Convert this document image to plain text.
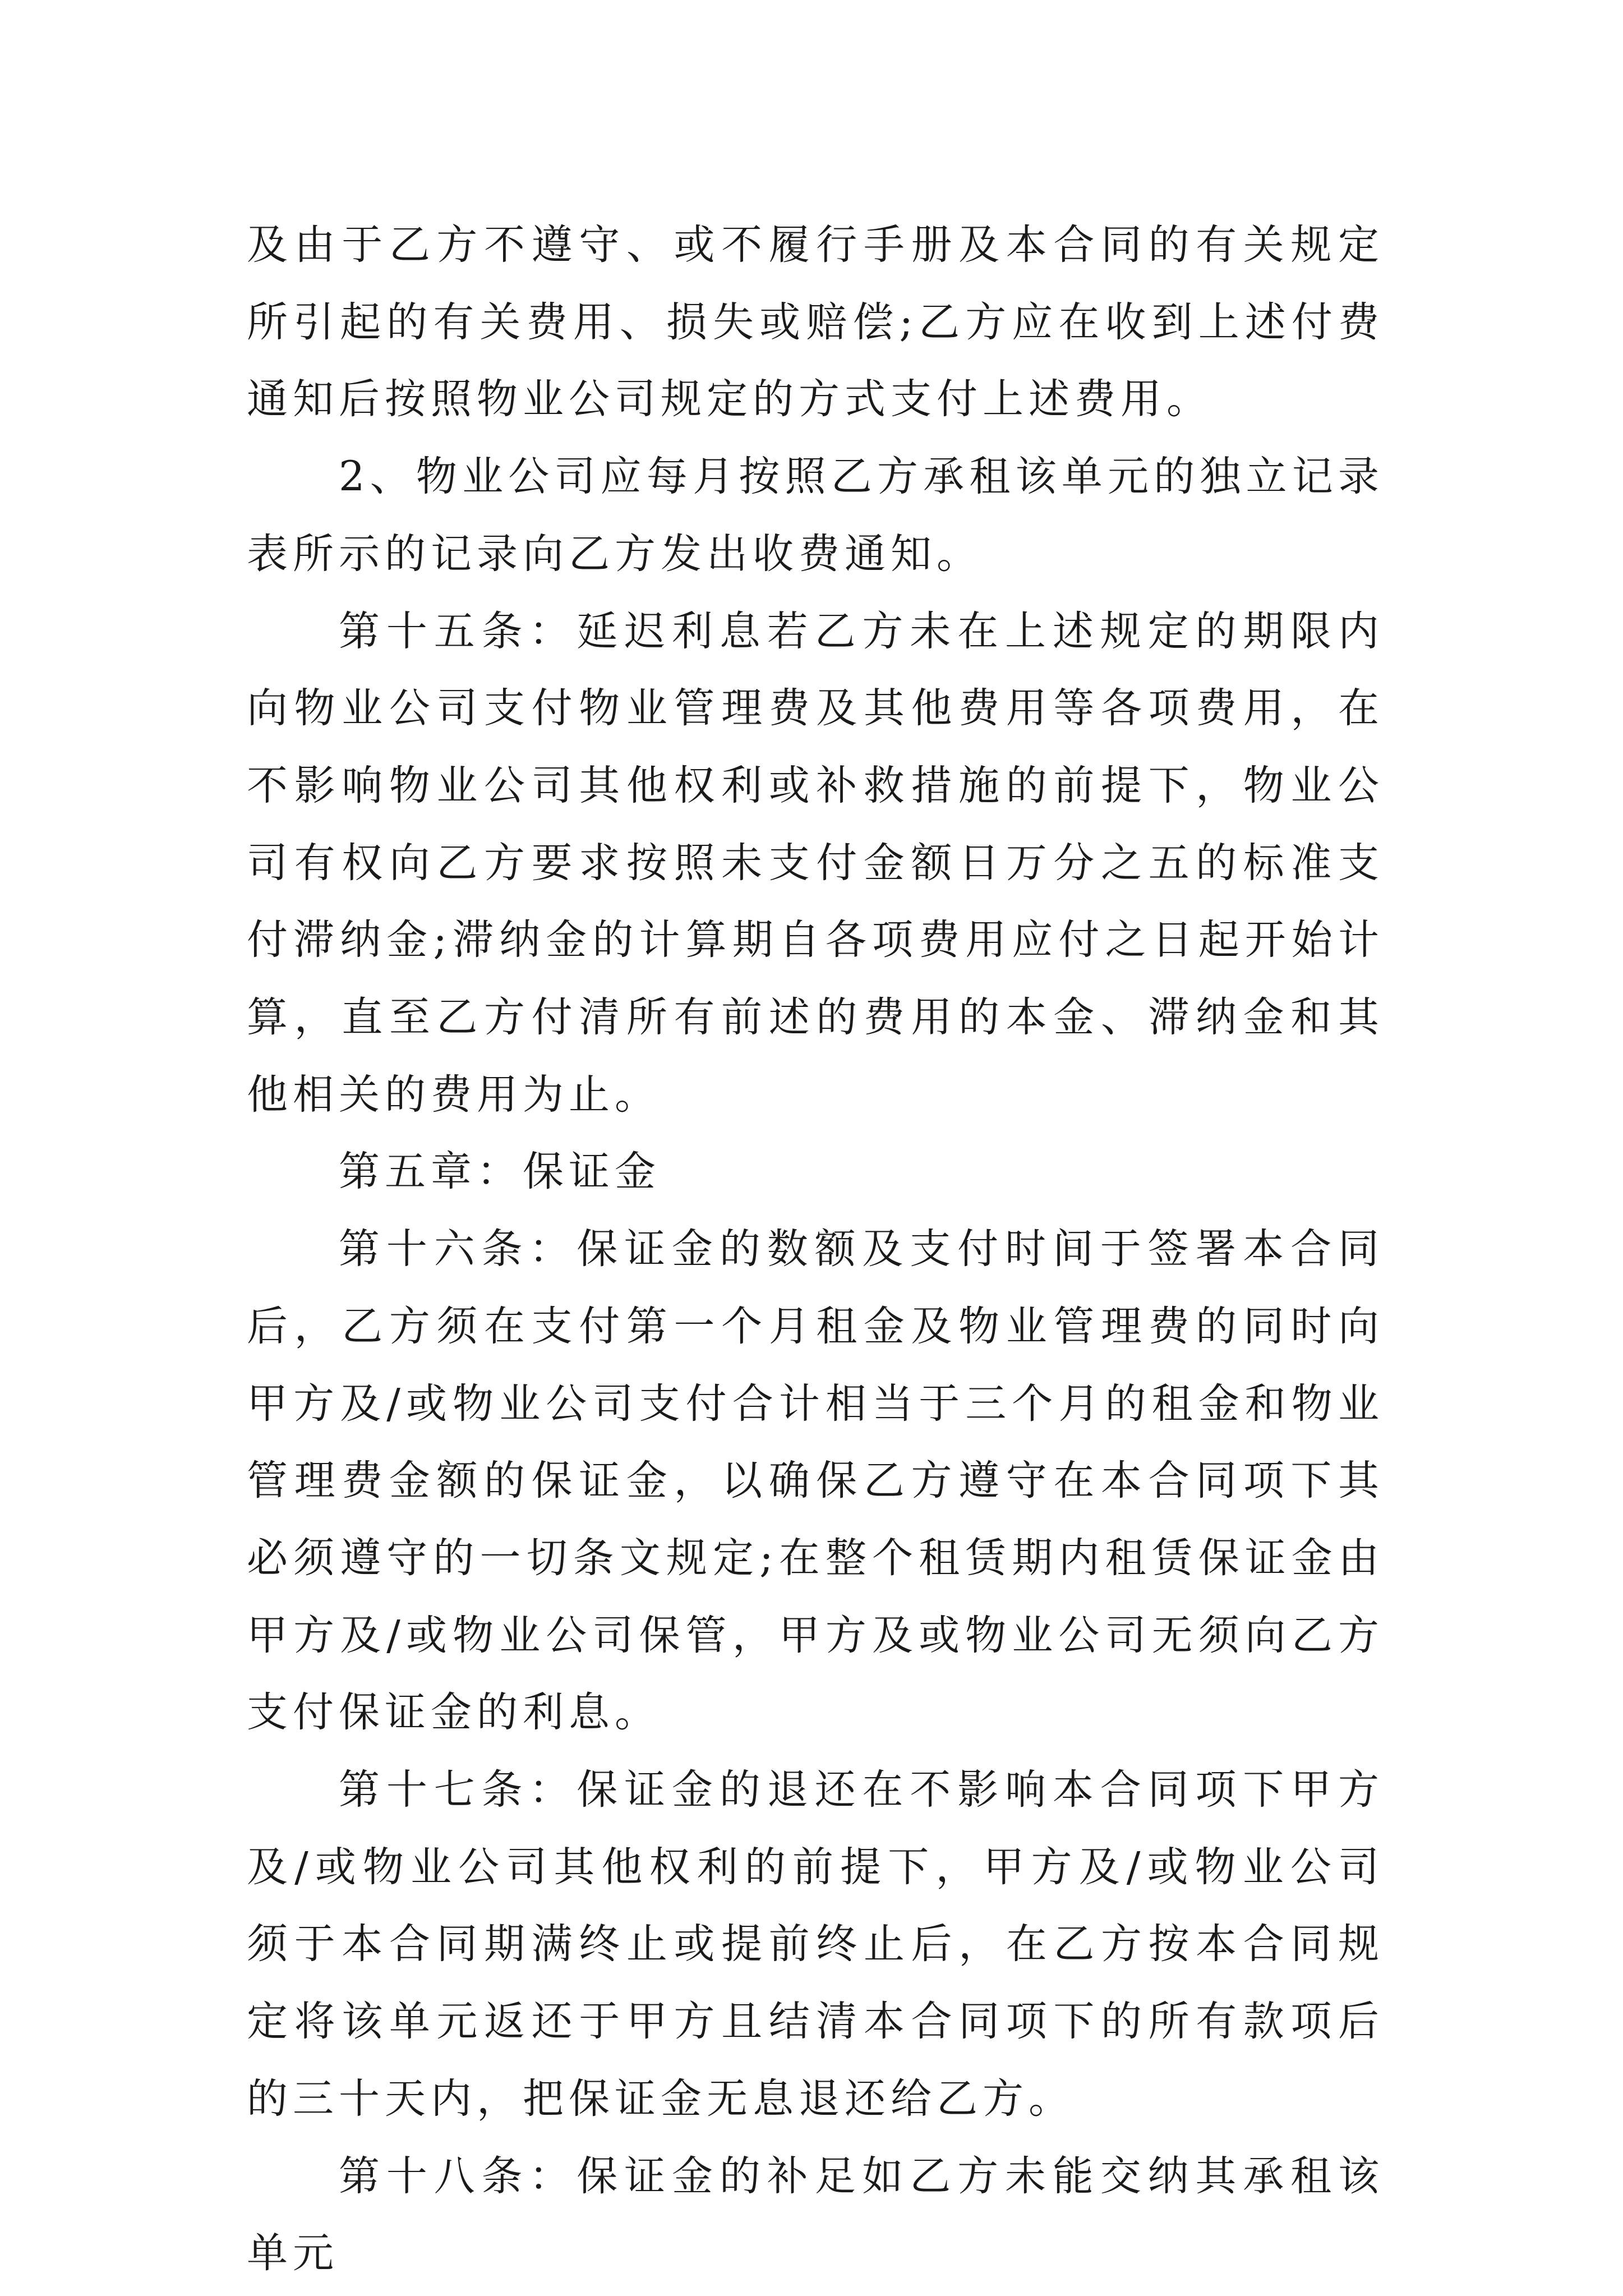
及由于乙方不遵守、或不履行手册及本合同的有关规定所引起的有关费用、损失或赔偿;乙方应在收到上述付费通知后按照物业公司规定的方式支付上述费用。

2、物业公司应每月按照乙方承租该单元的独立记录表所示的记录向乙方发出收费通知。

第十五条：延迟利息若乙方未在上述规定的期限内向物业公司支付物业管理费及其他费用等各项费用，在不影响物业公司其他权利或补救措施的前提下，物业公司有权向乙方要求按照未支付金额日万分之五的标准支付滞纳金;滞纳金的计算期自各项费用应付之日起开始计算，直至乙方付清所有前述的费用的本金、滞纳金和其他相关的费用为止。

第五章：保证金

第十六条：保证金的数额及支付时间于签署本合同后，乙方须在支付第一个月租金及物业管理费的同时向甲方及/或物业公司支付合计相当于三个月的租金和物业管理费金额的保证金，以确保乙方遵守在本合同项下其必须遵守的一切条文规定;在整个租赁期内租赁保证金由甲方及/或物业公司保管，甲方及或物业公司无须向乙方支付保证金的利息。

第十七条：保证金的退还在不影响本合同项下甲方及/或物业公司其他权利的前提下，甲方及/或物业公司须于本合同期满终止或提前终止后，在乙方按本合同规定将该单元返还于甲方且结清本合同项下的所有款项后的三十天内，把保证金无息退还给乙方。

第十八条：保证金的补足如乙方未能交纳其承租该单元
